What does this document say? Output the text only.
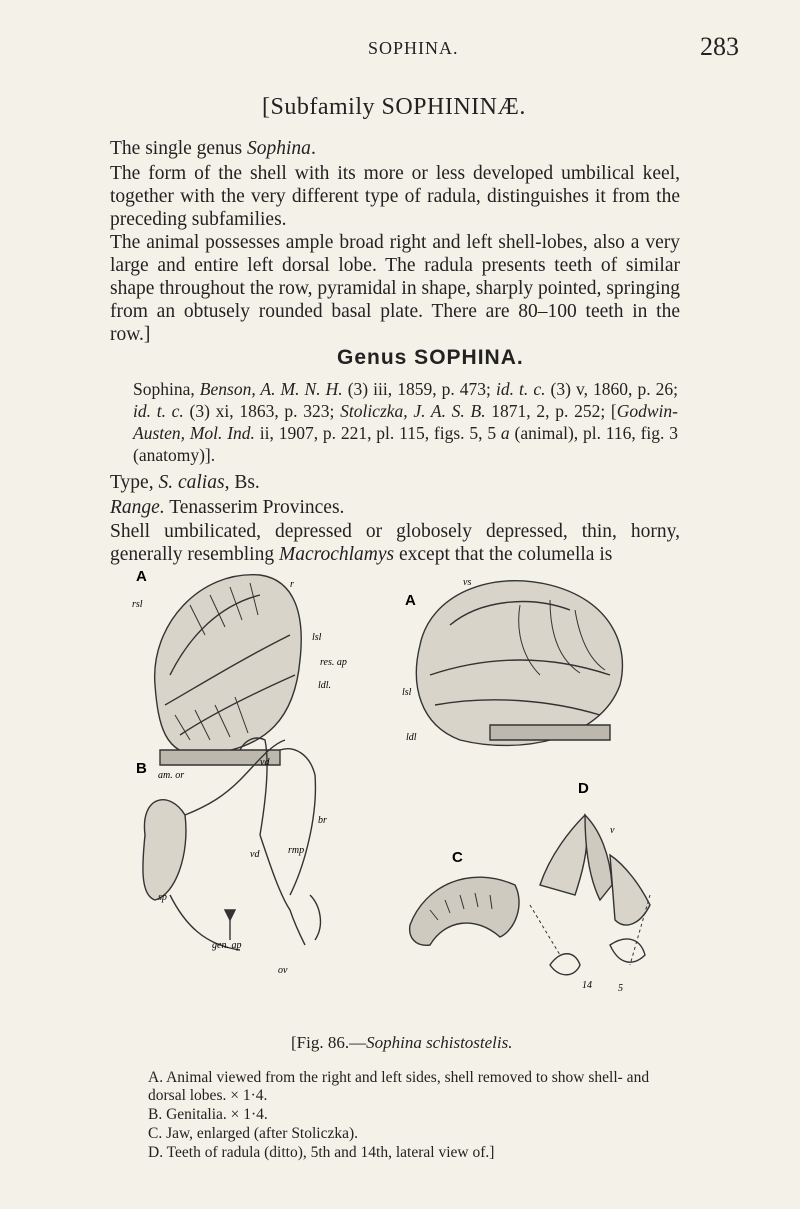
SOPHINA.	283
[Subfamily SOPHININÆ.
The single genus Sophina.
The form of the shell with its more or less developed umbilical keel, together with the very different type of radula, distinguishes it from the preceding subfamilies.
The animal possesses ample broad right and left shell-lobes, also a very large and entire left dorsal lobe. The radula presents teeth of similar shape throughout the row, pyramidal in shape, sharply pointed, springing from an obtusely rounded basal plate. There are 80–100 teeth in the row.]
Genus SOPHINA.
Sophina, Benson, A. M. N. H. (3) iii, 1859, p. 473; id. t. c. (3) v, 1860, p. 26; id. t. c. (3) xi, 1863, p. 323; Stoliczka, J. A. S. B. 1871, 2, p. 252; [Godwin-Austen, Mol. Ind. ii, 1907, p. 221, pl. 115, figs. 5, 5 a (animal), pl. 116, fig. 3 (anatomy)].
Type, S. calias, Bs.
Range. Tenasserim Provinces.
Shell umbilicated, depressed or globosely depressed, thin, horny, generally resembling Macrochlamys except that the columella is
A
rsl
r
lsl
res. ap
ldl.
A
vs
lsl
ldl
B am. or
vd
br
vd	rmp
sp
gen. ap
ov
C
D
v
14	5
[Fig. 86.—Sophina schistostelis.
A. Animal viewed from the right and left sides, shell removed to show shell- and dorsal lobes. × 1·4.
B. Genitalia. × 1·4.
C. Jaw, enlarged (after Stoliczka).
D. Teeth of radula (ditto), 5th and 14th, lateral view of.]
